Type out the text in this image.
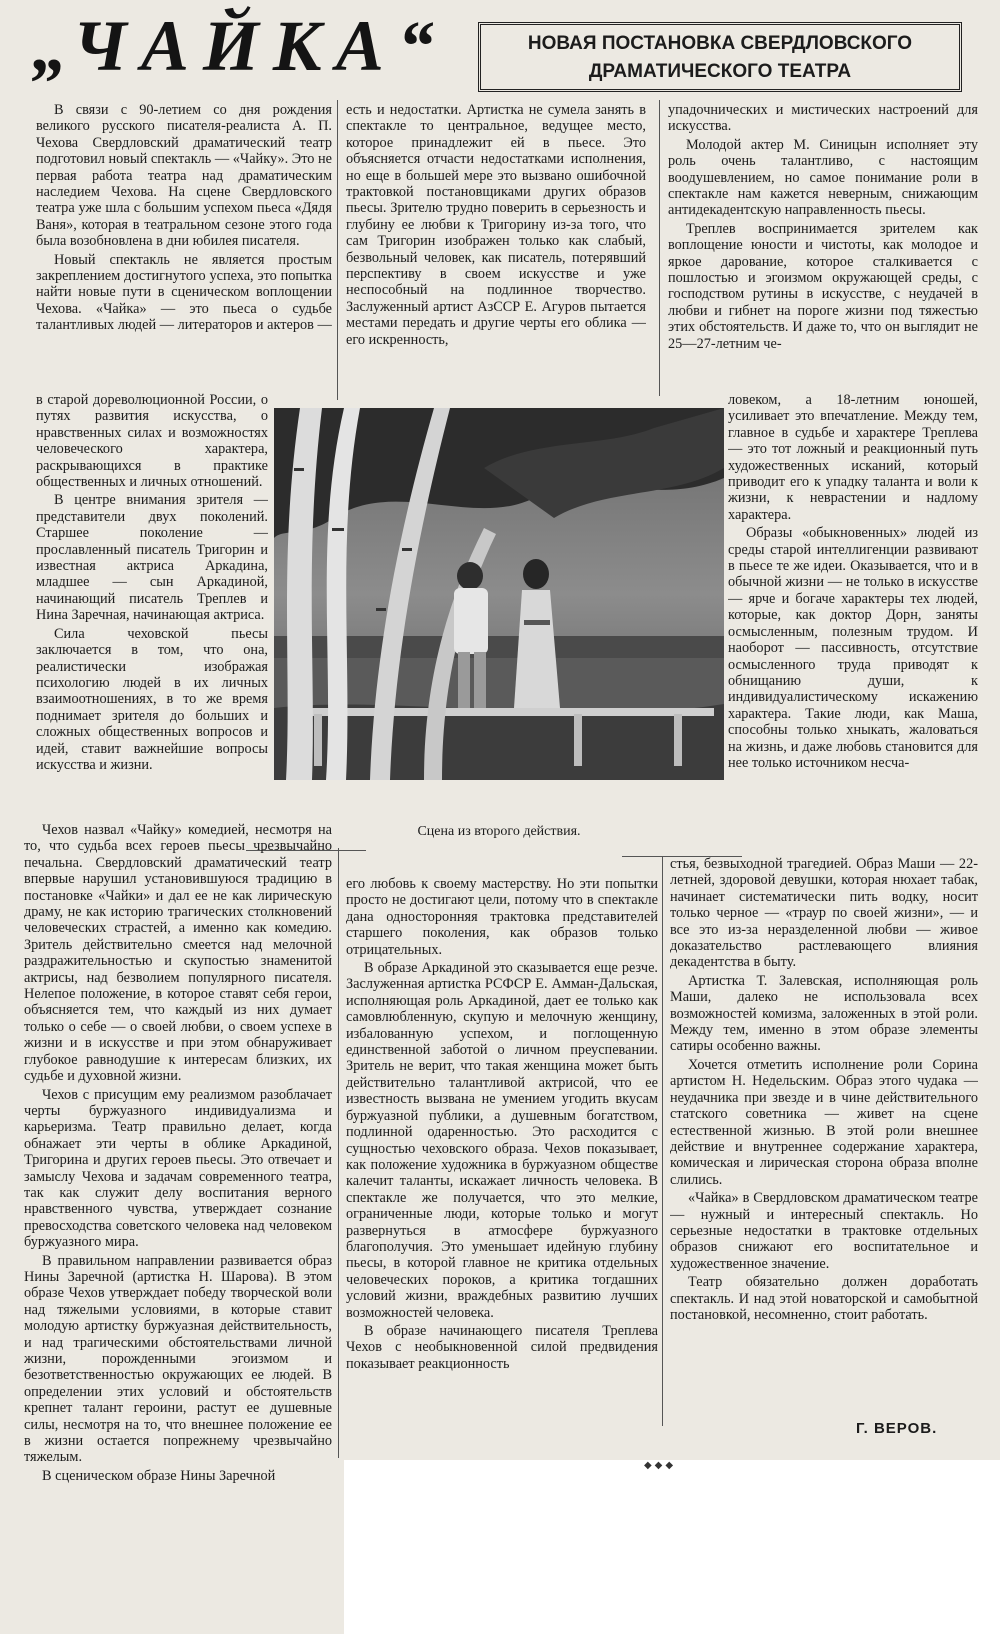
„ЧАЙКА“	НОВАЯ ПОСТАНОВКА СВЕРДЛОВСКОГО
ДРАМАТИЧЕСКОГО ТЕАТРА

В связи с 90-летием со дня рождения великого русского писателя-реалиста А. П. Чехова Свердловский драматический театр подготовил новый спектакль — «Чайку». Это не первая работа театра над драматическим наследием Чехова. На сцене Свердловского театра уже шла с большим успехом пьеса «Дядя Ваня», которая в театральном сезоне этого года была возобновлена в дни юбилея писателя.

Новый спектакль не является простым закреплением достигнутого успеха, это попытка найти новые пути в сценическом воплощении Чехова. «Чайка» — это пьеса о судьбе талантливых людей — литераторов и актеров —

в старой дореволюционной России, о путях развития искусства, о нравственных силах и возможностях человеческого характера, раскрывающихся в практике общественных и личных отношений.

В центре внимания зрителя — представители двух поколений. Старшее поколение — прославленный писатель Тригорин и известная актриса Аркадина, младшее — сын Аркадиной, начинающий писатель Треплев и Нина Заречная, начинающая актриса.

Сила чеховской пьесы заключается в том, что она, реалистически изображая психологию людей в их личных взаимоотношениях, в то же время поднимает зрителя до больших и сложных общественных вопросов и идей, ставит важнейшие вопросы искусства и жизни.

Чехов назвал «Чайку» комедией, несмотря на то, что судьба всех героев пьесы чрезвычайно печальна. Свердловский драматический театр впервые нарушил установившуюся традицию в постановке «Чайки» и дал ее не как лирическую драму, не как историю трагических столкновений человеческих страстей, а именно как комедию. Зритель действительно смеется над мелочной раздражительностью и скупостью знаменитой актрисы, над безволием популярного писателя. Нелепое положение, в которое ставят себя герои, объясняется тем, что каждый из них думает только о себе — о своей любви, о своем успехе в жизни и в искусстве и при этом обнаруживает глубокое равнодушие к интересам близких, их судьбе и духовной жизни.

Чехов с присущим ему реализмом разоблачает черты буржуазного индивидуализма и карьеризма. Театр правильно делает, когда обнажает эти черты в облике Аркадиной, Тригорина и других героев пьесы. Это отвечает и замыслу Чехова и задачам современного театра, так как служит делу воспитания верного нравственного чувства, утверждает сознание превосходства советского человека над человеком буржуазного мира.

В правильном направлении развивается образ Нины Заречной (артистка Н. Шарова). В этом образе Чехов утверждает победу творческой воли над тяжелыми условиями, в которые ставит молодую артистку буржуазная действительность, и над трагическими обстоятельствами личной жизни, порожденными эгоизмом и безответственностью окружающих ее людей. В определении этих условий и обстоятельств крепнет талант героини, растут ее душевные силы, несмотря на то, что внешнее положение ее в жизни остается попрежнему чрезвычайно тяжелым.

В сценическом образе Нины Заречной

есть и недостатки. Артистка не сумела занять в спектакле то центральное, ведущее место, которое принадлежит ей в пьесе. Это объясняется отчасти недостатками исполнения, но еще в большей мере это вызвано ошибочной трактовкой постановщиками других образов пьесы. Зрителю трудно поверить в серьезность и глубину ее любви к Тригорину из-за того, что сам Тригорин изображен только как слабый, безвольный человек, как писатель, потерявший перспективу в своем искусстве и уже неспособный на подлинное творчество. Заслуженный артист АзССР Е. Агуров пытается местами передать и другие черты его облика — его искренность,

его любовь к своему мастерству. Но эти попытки просто не достигают цели, потому что в спектакле дана односторонняя трактовка представителей старшего поколения, как образов только отрицательных.

В образе Аркадиной это сказывается еще резче. Заслуженная артистка РСФСР Е. Амман-Дальская, исполняющая роль Аркадиной, дает ее только как самовлюбленную, скупую и мелочную женщину, избалованную успехом, и поглощенную единственной заботой о личном преуспевании. Зритель не верит, что такая женщина может быть действительно талантливой актрисой, что ее известность вызвана не умением угодить вкусам буржуазной публики, а душевным богатством, подлинной одаренностью. Это расходится с сущностью чеховского образа. Чехов показывает, как положение художника в буржуазном обществе калечит таланты, искажает личность человека. В спектакле же получается, что это мелкие, ограниченные люди, которые только и могут развернуться в атмосфере буржуазного благополучия. Это уменьшает идейную глубину пьесы, в которой главное не критика отдельных человеческих пороков, а критика тогдашних условий жизни, враждебных развитию лучших возможностей человека.

В образе начинающего писателя Треплева Чехов с необыкновенной силой предвидения показывает реакционность

упадочнических и мистических настроений для искусства.

Молодой актер М. Синицын исполняет эту роль очень талантливо, с настоящим воодушевлением, но самое понимание роли в спектакле нам кажется неверным, снижающим антидекадентскую направленность пьесы.

Треплев воспринимается зрителем как воплощение юности и чистоты, как молодое и яркое дарование, которое сталкивается с пошлостью и эгоизмом окружающей среды, с господством рутины в искусстве, с неудачей в любви и гибнет на пороге жизни под тяжестью этих обстоятельств. И даже то, что он выглядит не 25—27-летним че-

ловеком, а 18-летним юношей, усиливает это впечатление. Между тем, главное в судьбе и характере Треплева — это тот ложный и реакционный путь художественных исканий, который приводит его к упадку таланта и воли к жизни, к неврастении и надлому характера.

Образы «обыкновенных» людей из среды старой интеллигенции развивают в пьесе те же идеи. Оказывается, что и в обычной жизни — не только в искусстве — ярче и богаче характеры тех людей, которые, как доктор Дорн, заняты осмысленным, полезным трудом. И наоборот — пассивность, отсутствие осмысленного труда приводят к обнищанию души, к индивидуалистическому искажению характера. Такие люди, как Маша, способны только хныкать, жаловаться на жизнь, и даже любовь становится для нее только источником несча-

стья, безвыходной трагедией. Образ Маши — 22-летней, здоровой девушки, которая нюхает табак, начинает систематически пить водку, носит только черное — «траур по своей жизни», — и все это из-за неразделенной любви — живое доказательство растлевающего влияния декадентства в быту.

Артистка Т. Залевская, исполняющая роль Маши, далеко не использовала всех возможностей комизма, заложенных в этой роли. Между тем, именно в этом образе элементы сатиры особенно важны.

Хочется отметить исполнение роли Сорина артистом Н. Недельским. Образ этого чудака — неудачника при звезде и в чине действительного статского советника — живет на сцене естественной жизнью. В этой роли внешнее действие и внутреннее содержание характера, комическая и лирическая сторона образа вполне слились.

«Чайка» в Свердловском драматическом театре — нужный и интересный спектакль. Но серьезные недостатки в трактовке отдельных образов снижают его воспитательное и художественное значение.

Театр обязательно должен доработать спектакль. И над этой новаторской и самобытной постановкой, несомненно, стоит работать.

Г. ВЕРОВ.
Сцена из второго действия.
◆◆◆
